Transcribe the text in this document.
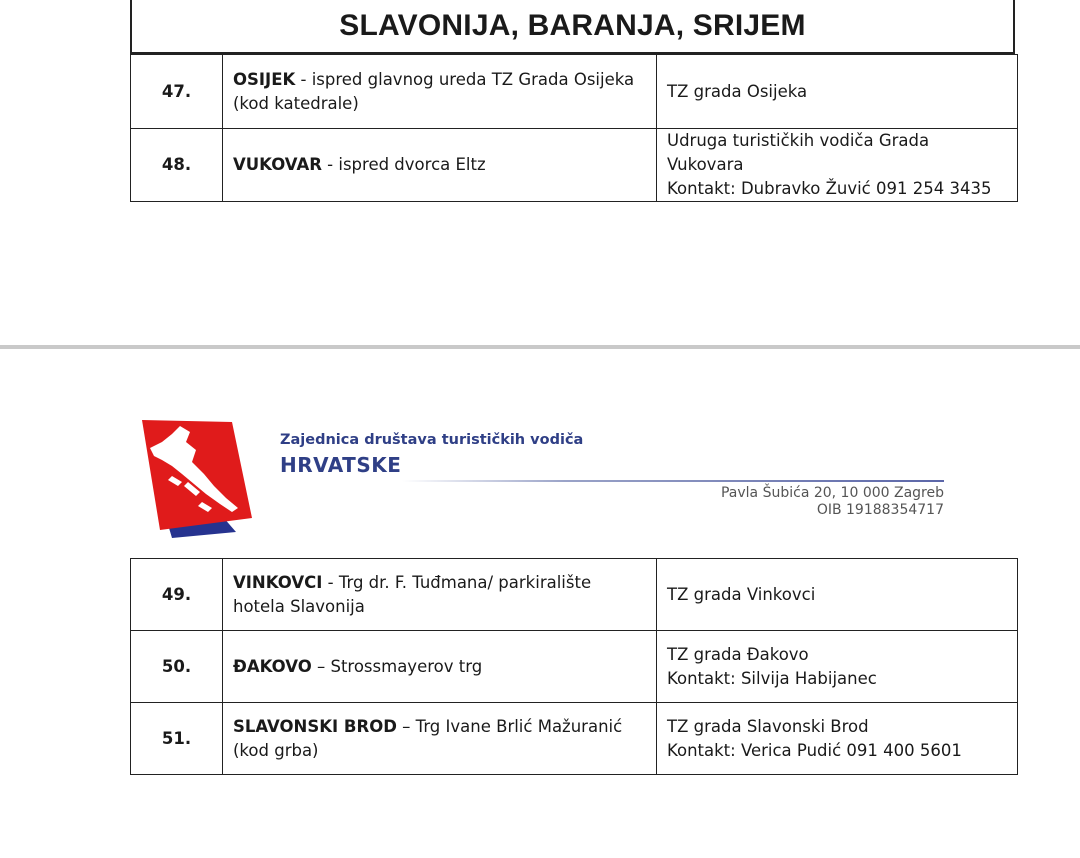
SLAVONIJA, BARANJA, SRIJEM
47.	OSIJEK - ispred glavnog ureda TZ Grada Osijeka (kod katedrale)	TZ grada Osijeka

48.	VUKOVAR - ispred dvorca Eltz	Udruga turističkih vodiča Grada Vukovara
Kontakt: Dubravko Žuvić 091 254 3435
Zajednica društava turističkih vodiča
HRVATSKE
Pavla Šubića 20, 10 000 Zagreb
OIB 19188354717
49.	VINKOVCI - Trg dr. F. Tuđmana/ parkiralište hotela Slavonija	TZ grada Vinkovci

50.	ĐAKOVO – Strossmayerov trg	TZ grada Đakovo
Kontakt: Silvija Habijanec

51.	SLAVONSKI BROD – Trg Ivane Brlić Mažuranić (kod grba)	TZ grada Slavonski Brod
Kontakt: Verica Pudić 091 400 5601
